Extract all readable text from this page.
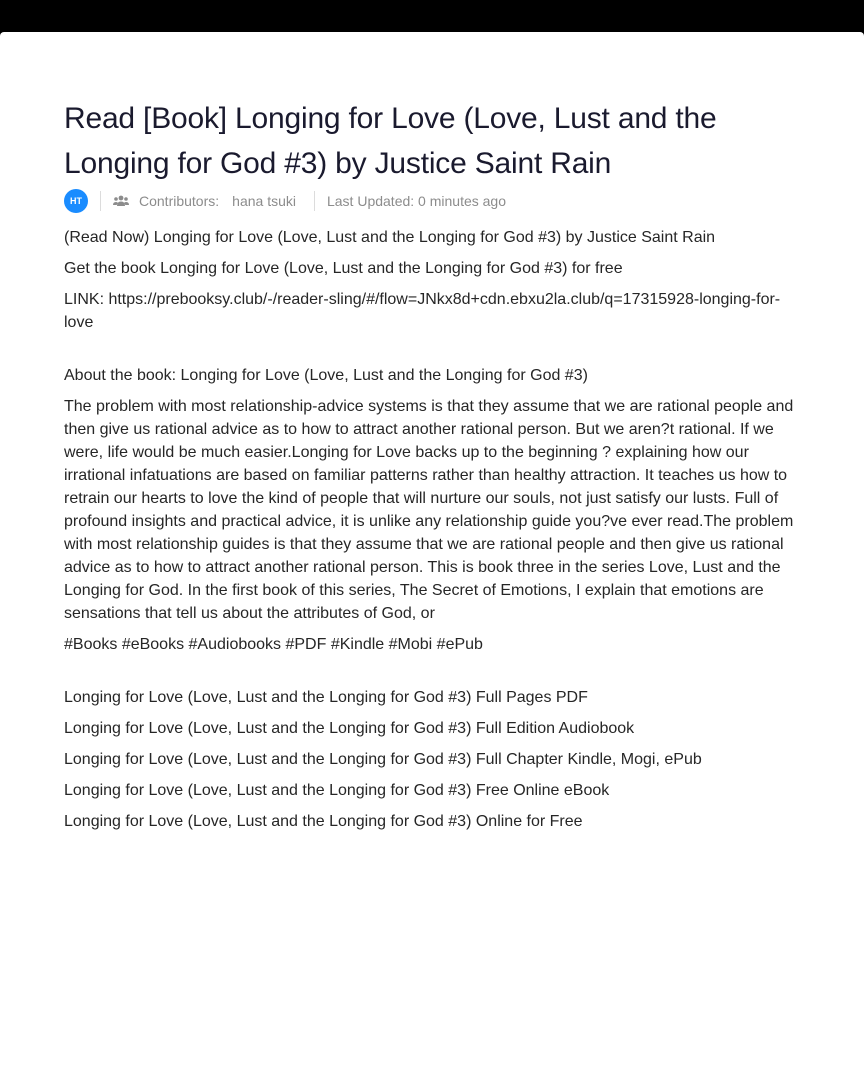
Read [Book] Longing for Love (Love, Lust and the Longing for God #3) by Justice Saint Rain
HT	Contributors: hana tsuki Last Updated: 0 minutes ago

(Read Now) Longing for Love (Love, Lust and the Longing for God #3) by Justice Saint Rain

Get the book Longing for Love (Love, Lust and the Longing for God #3) for free

LINK: https://prebooksy.club/-/reader-sling/#/flow=JNkx8d+cdn.ebxu2la.club/q=17315928-longing-for-love

About the book: Longing for Love (Love, Lust and the Longing for God #3)

The problem with most relationship-advice systems is that they assume that we are rational people and then give us rational advice as to how to attract another rational person. But we aren?t rational. If we were, life would be much easier.Longing for Love backs up to the beginning ? explaining how our irrational infatuations are based on familiar patterns rather than healthy attraction. It teaches us how to retrain our hearts to love the kind of people that will nurture our souls, not just satisfy our lusts. Full of profound insights and practical advice, it is unlike any relationship guide you?ve ever read.The problem with most relationship guides is that they assume that we are rational people and then give us rational advice as to how to attract another rational person. This is book three in the series Love, Lust and the Longing for God. In the first book of this series, The Secret of Emotions, I explain that emotions are sensations that tell us about the attributes of God, or

#Books #eBooks #Audiobooks #PDF #Kindle #Mobi #ePub

Longing for Love (Love, Lust and the Longing for God #3) Full Pages PDF

Longing for Love (Love, Lust and the Longing for God #3) Full Edition Audiobook

Longing for Love (Love, Lust and the Longing for God #3) Full Chapter Kindle, Mogi, ePub

Longing for Love (Love, Lust and the Longing for God #3) Free Online eBook

Longing for Love (Love, Lust and the Longing for God #3) Online for Free
